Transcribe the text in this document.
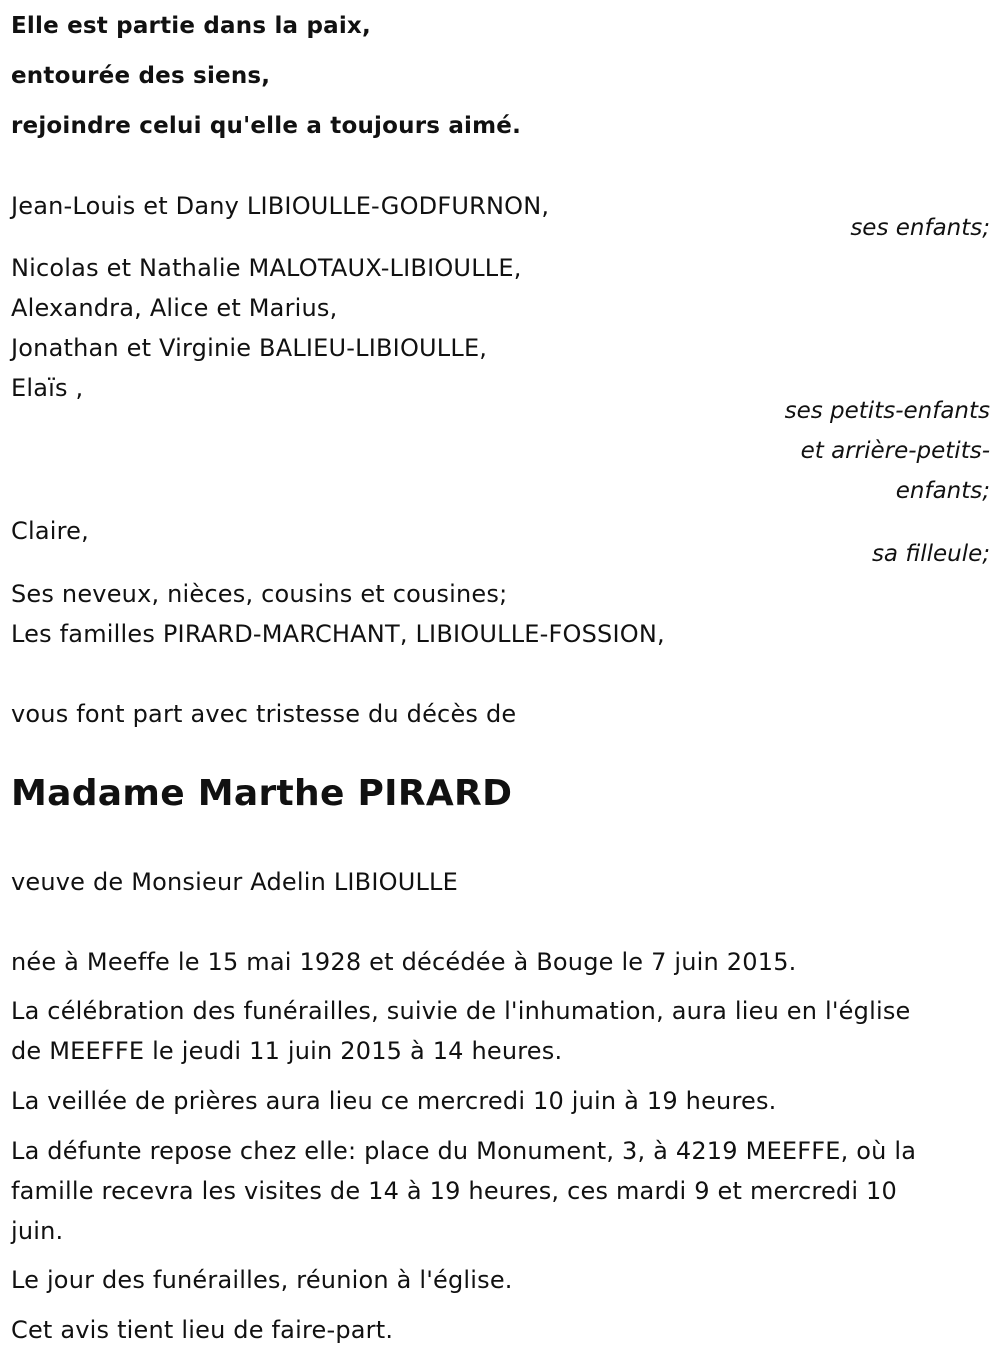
Elle est partie dans la paix,
entourée des siens,
rejoindre celui qu'elle a toujours aimé.
Jean-Louis et Dany LIBIOULLE-GODFURNON,
ses enfants;
Nicolas et Nathalie MALOTAUX-LIBIOULLE,
Alexandra, Alice et Marius,
Jonathan et Virginie BALIEU-LIBIOULLE,
Elaïs ,
ses petits-enfants
et arrière-petits-
enfants;
Claire,
sa filleule;
Ses neveux, nièces, cousins et cousines;
Les familles PIRARD-MARCHANT, LIBIOULLE-FOSSION,
vous font part avec tristesse du décès de
Madame Marthe PIRARD
veuve de Monsieur Adelin LIBIOULLE
née à Meeffe le 15 mai 1928 et décédée à Bouge le 7 juin 2015.
La célébration des funérailles, suivie de l'inhumation, aura lieu en l'église
de MEEFFE le jeudi 11 juin 2015 à 14 heures.
La veillée de prières aura lieu ce mercredi 10 juin à 19 heures.
La défunte repose chez elle: place du Monument, 3, à 4219 MEEFFE, où la
famille recevra les visites de 14 à 19 heures, ces mardi 9 et mercredi 10
juin.
Le jour des funérailles, réunion à l'église.
Cet avis tient lieu de faire-part.
